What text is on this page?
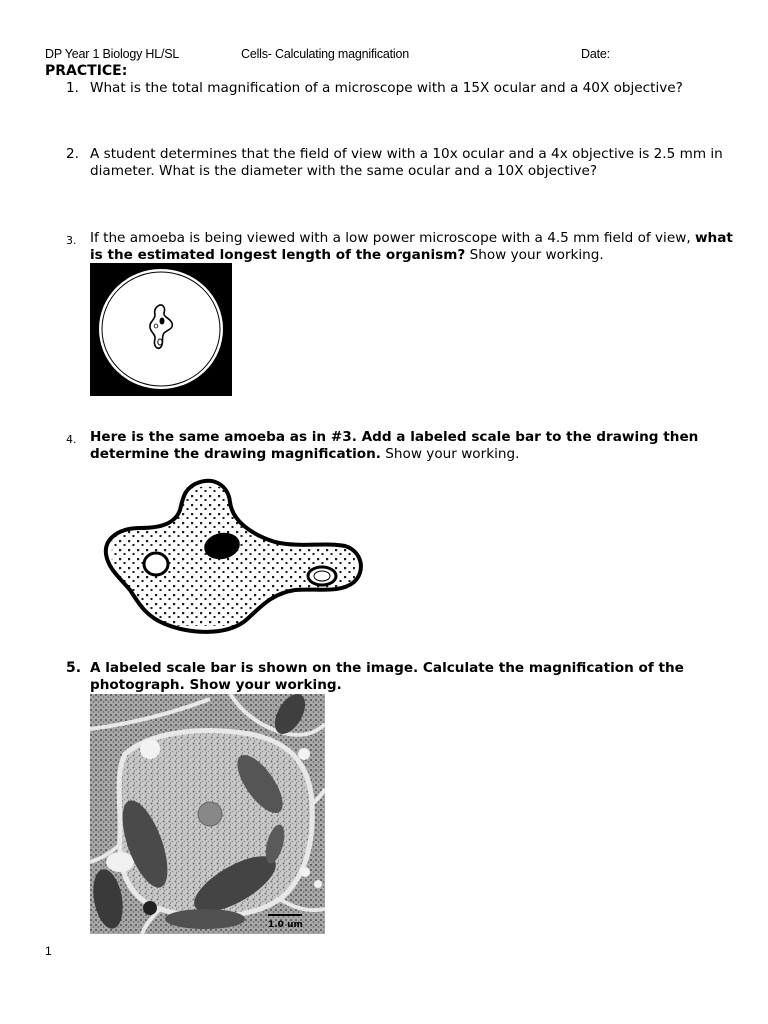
DP Year 1 Biology HL/SL	Cells- Calculating magnification	Date:
PRACTICE:
1. What is the total magnification of a microscope with a 15X ocular and a 40X objective?
2. A student determines that the field of view with a 10x ocular and a 4x objective is 2.5 mm in diameter. What is the diameter with the same ocular and a 10X objective?
3. If the amoeba is being viewed with a low power microscope with a 4.5 mm field of view, what is the estimated longest length of the organism? Show your working.
4. Here is the same amoeba as in #3. Add a labeled scale bar to the drawing then determine the drawing magnification. Show your working.
5. A labeled scale bar is shown on the image. Calculate the magnification of the photograph. Show your working.
1.0 um
1
